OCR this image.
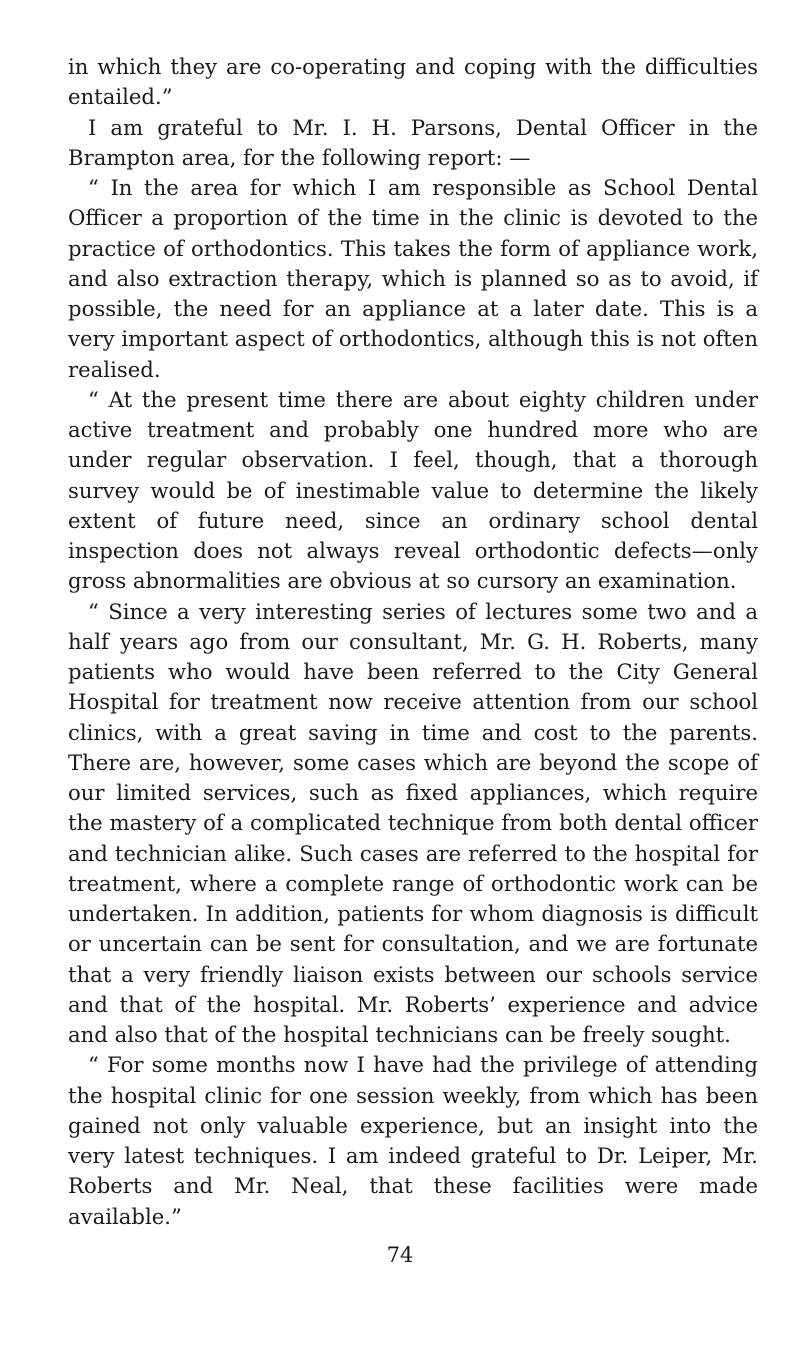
in which they are co-operating and coping with the difficulties entailed.”

I am grateful to Mr. I. H. Parsons, Dental Officer in the Brampton area, for the following report: —

“ In the area for which I am responsible as School Dental Officer a proportion of the time in the clinic is devoted to the practice of orthodontics. This takes the form of appliance work, and also extraction therapy, which is planned so as to avoid, if possible, the need for an appliance at a later date. This is a very important aspect of orthodontics, although this is not often realised.

“ At the present time there are about eighty children under active treatment and probably one hundred more who are under regular observation. I feel, though, that a thorough survey would be of inestimable value to determine the likely extent of future need, since an ordinary school dental inspection does not always reveal orthodontic defects—only gross abnormalities are obvious at so cursory an examination.

“ Since a very interesting series of lectures some two and a half years ago from our consultant, Mr. G. H. Roberts, many patients who would have been referred to the City General Hospital for treatment now receive attention from our school clinics, with a great saving in time and cost to the parents. There are, however, some cases which are beyond the scope of our limited services, such as fixed appliances, which require the mastery of a complicated technique from both dental officer and technician alike. Such cases are referred to the hospital for treatment, where a complete range of orthodontic work can be undertaken. In addition, patients for whom diagnosis is difficult or uncertain can be sent for consultation, and we are fortunate that a very friendly liaison exists between our schools service and that of the hospital. Mr. Roberts’ experience and advice and also that of the hospital technicians can be freely sought.

“ For some months now I have had the privilege of attending the hospital clinic for one session weekly, from which has been gained not only valuable experience, but an insight into the very latest techniques. I am indeed grateful to Dr. Leiper, Mr. Roberts and Mr. Neal, that these facilities were made available.”

74
